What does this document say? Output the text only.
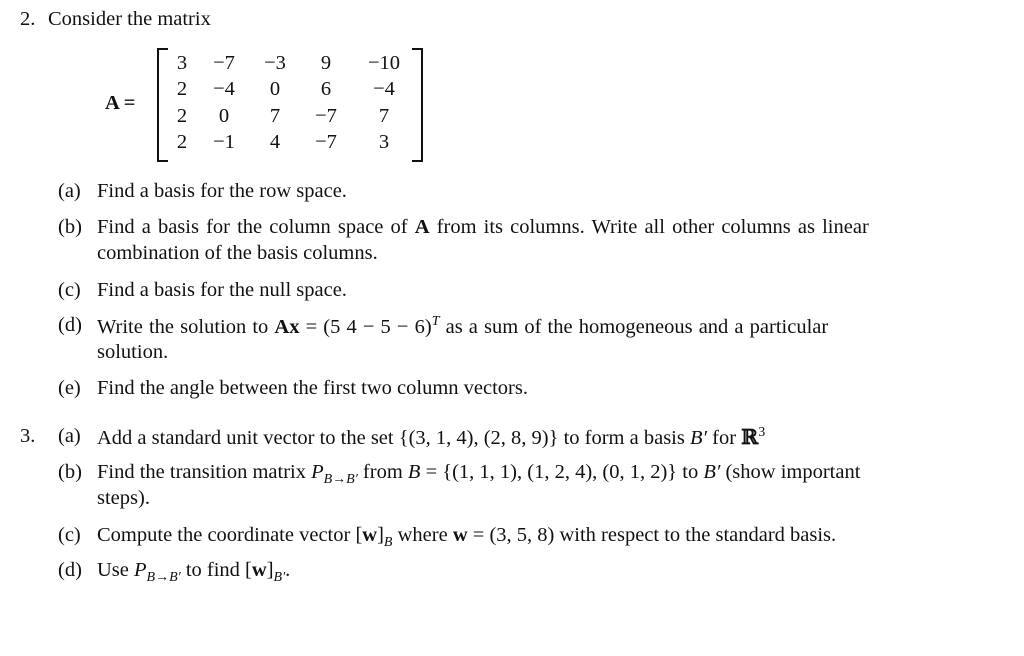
2. Consider the matrix
A =
3	−7	−3	9	−10
2	−4	0	6	−4
2	0	7	−7	7
2	−1	4	−7	3
(a) Find a basis for the row space.
(b) Find a basis for the column space of A from its columns. Write all other columns as linear
combination of the basis columns.
(c) Find a basis for the null space.
(d) Write the solution to Ax = (5 4 − 5 − 6)$^T$ as a sum of the homogeneous and a particular
solution.
(e) Find the angle between the first two column vectors.
3. (a) Add a standard unit vector to the set {(3, 1, 4), (2, 8, 9)} to form a basis B′ for ℝ$^3$
(b) Find the transition matrix $P_{B\to B'}$ from B = {(1, 1, 1), (1, 2, 4), (0, 1, 2)} to B′ (show important
steps).
(c) Compute the coordinate vector $[w]_B$ where w = (3, 5, 8) with respect to the standard basis.
(d) Use $P_{B\to B'}$ to find $[w]_{B'}$.
